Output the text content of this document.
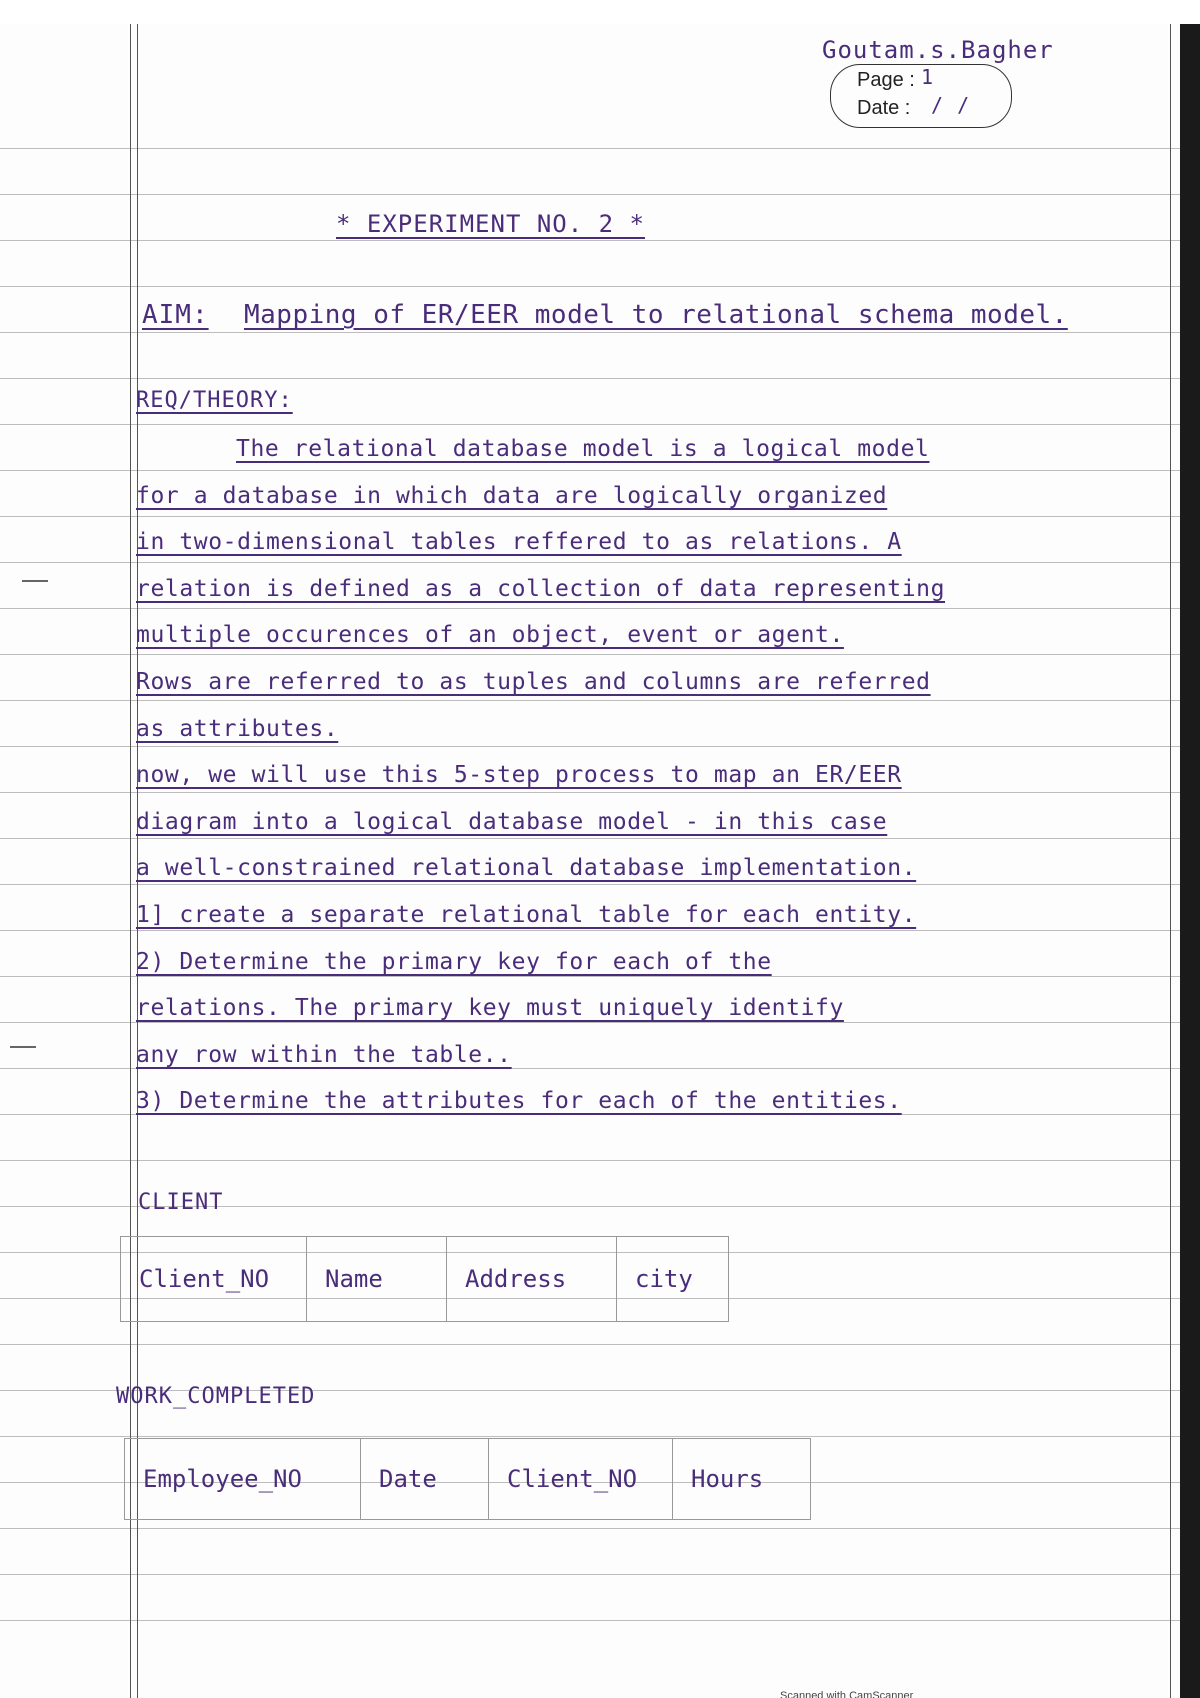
Goutam.s.Bagher
Page : 1
Date : / /
* EXPERIMENT NO. 2 *
AIM: Mapping of ER/EER model to relational schema model.
REQ/THEORY:
The relational database model is a logical model
for a database in which data are logically organized
in two-dimensional tables reffered to as relations. A
relation is defined as a collection of data representing
multiple occurences of an object, event or agent.
Rows are referred to as tuples and columns are referred
as attributes.
now, we will use this 5-step process to map an ER/EER
diagram into a logical database model - in this case
a well-constrained relational database implementation.
1] create a separate relational table for each entity.
2) Determine the primary key for each of the
relations. The primary key must uniquely identify
any row within the table..
3) Determine the attributes for each of the entities.
CLIENT
Client_NO	Name	Address	city
WORK_COMPLETED
Employee_NO	Date	Client_NO	Hours
Scanned with CamScanner
